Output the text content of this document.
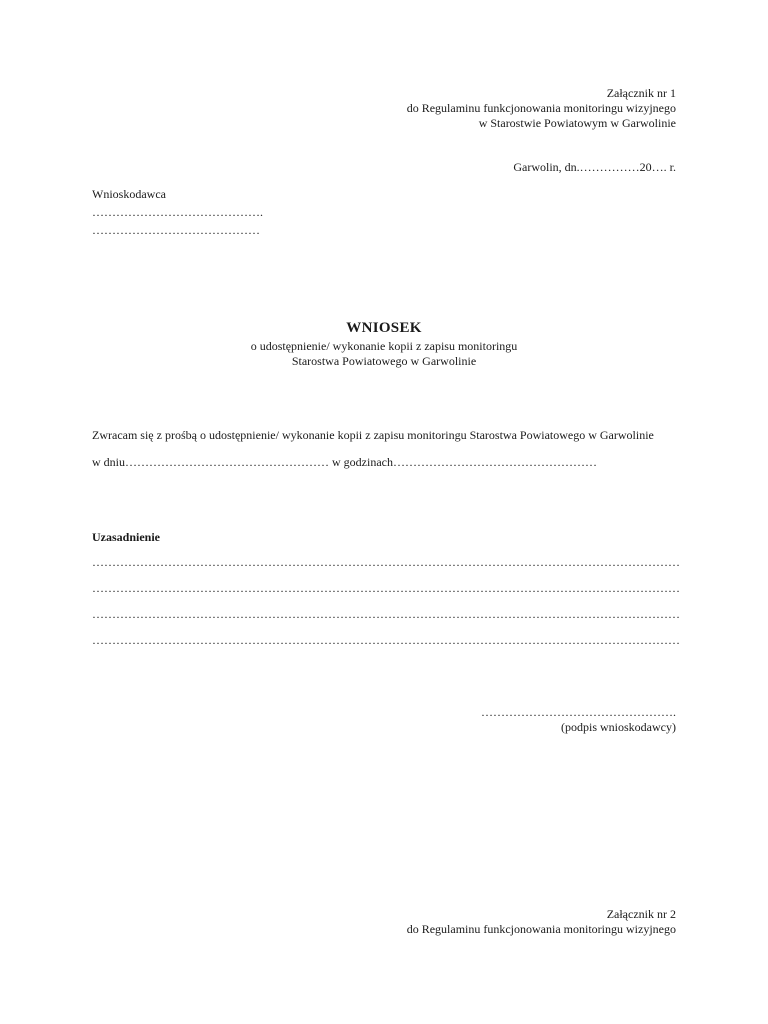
Załącznik nr 1
do Regulaminu funkcjonowania monitoringu wizyjnego
w Starostwie Powiatowym w Garwolinie
Garwolin, dn.……………20…. r.
Wnioskodawca
…………………………………….
……………………………………
WNIOSEK
o udostępnienie/ wykonanie kopii z zapisu monitoringu
Starostwa Powiatowego w Garwolinie
Zwracam się z prośbą o udostępnienie/ wykonanie kopii z zapisu monitoringu Starostwa Powiatowego w Garwolinie
w dniu…………………………………………… w godzinach……………………………………………
Uzasadnienie
…………………………………………………………………………………………………………………………………
…………………………………………………………………………………………………………………………………
…………………………………………………………………………………………………………………………………
…………………………………………………………………………………………………………………………………
………………………………………….
(podpis wnioskodawcy)
Załącznik nr 2
do Regulaminu funkcjonowania monitoringu wizyjnego
